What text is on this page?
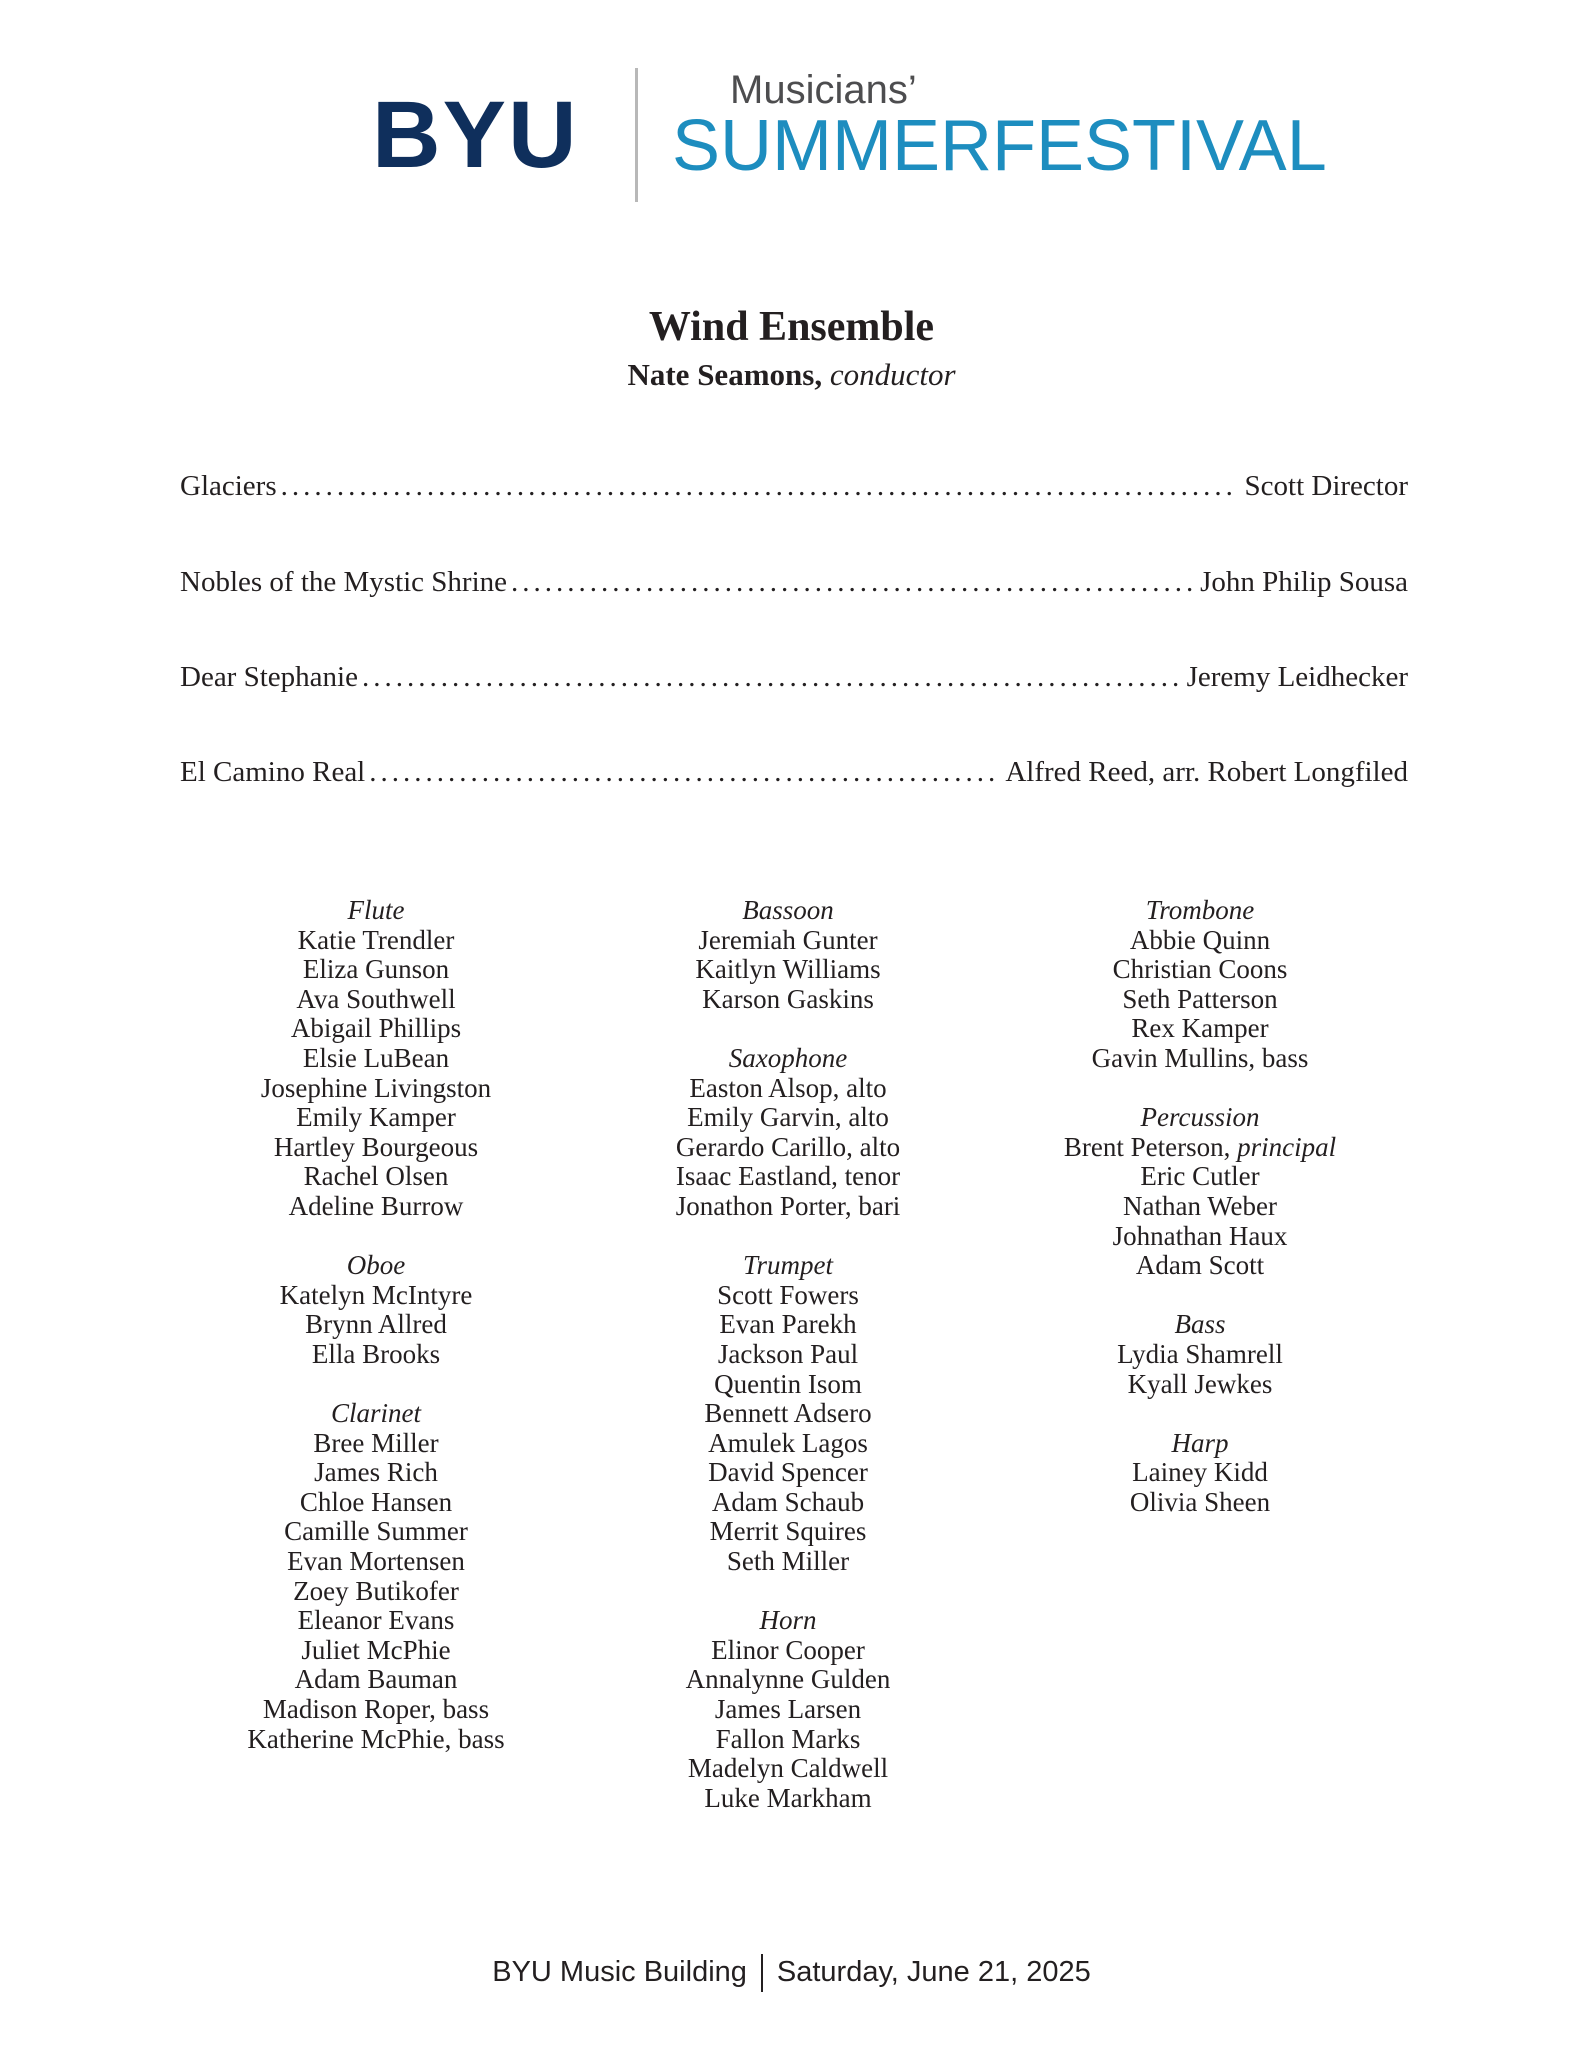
BYU	Musicians’
SUMMERFESTIVAL
Wind Ensemble
Nate Seamons, conductor
Glaciers .....	Scott Director
Nobles of the Mystic Shrine .....	John Philip Sousa
Dear Stephanie .....	Jeremy Leidhecker
El Camino Real .....	Alfred Reed, arr. Robert Longfiled
Flute
Katie Trendler
Eliza Gunson
Ava Southwell
Abigail Phillips
Elsie LuBean
Josephine Livingston
Emily Kamper
Hartley Bourgeous
Rachel Olsen
Adeline Burrow
Oboe
Katelyn McIntyre
Brynn Allred
Ella Brooks
Clarinet
Bree Miller
James Rich
Chloe Hansen
Camille Summer
Evan Mortensen
Zoey Butikofer
Eleanor Evans
Juliet McPhie
Adam Bauman
Madison Roper, bass
Katherine McPhie, bass
Bassoon
Jeremiah Gunter
Kaitlyn Williams
Karson Gaskins
Saxophone
Easton Alsop, alto
Emily Garvin, alto
Gerardo Carillo, alto
Isaac Eastland, tenor
Jonathon Porter, bari
Trumpet
Scott Fowers
Evan Parekh
Jackson Paul
Quentin Isom
Bennett Adsero
Amulek Lagos
David Spencer
Adam Schaub
Merrit Squires
Seth Miller
Horn
Elinor Cooper
Annalynne Gulden
James Larsen
Fallon Marks
Madelyn Caldwell
Luke Markham
Trombone
Abbie Quinn
Christian Coons
Seth Patterson
Rex Kamper
Gavin Mullins, bass
Percussion
Brent Peterson, principal
Eric Cutler
Nathan Weber
Johnathan Haux
Adam Scott
Bass
Lydia Shamrell
Kyall Jewkes
Harp
Lainey Kidd
Olivia Sheen
BYU Music Building Saturday, June 21, 2025
